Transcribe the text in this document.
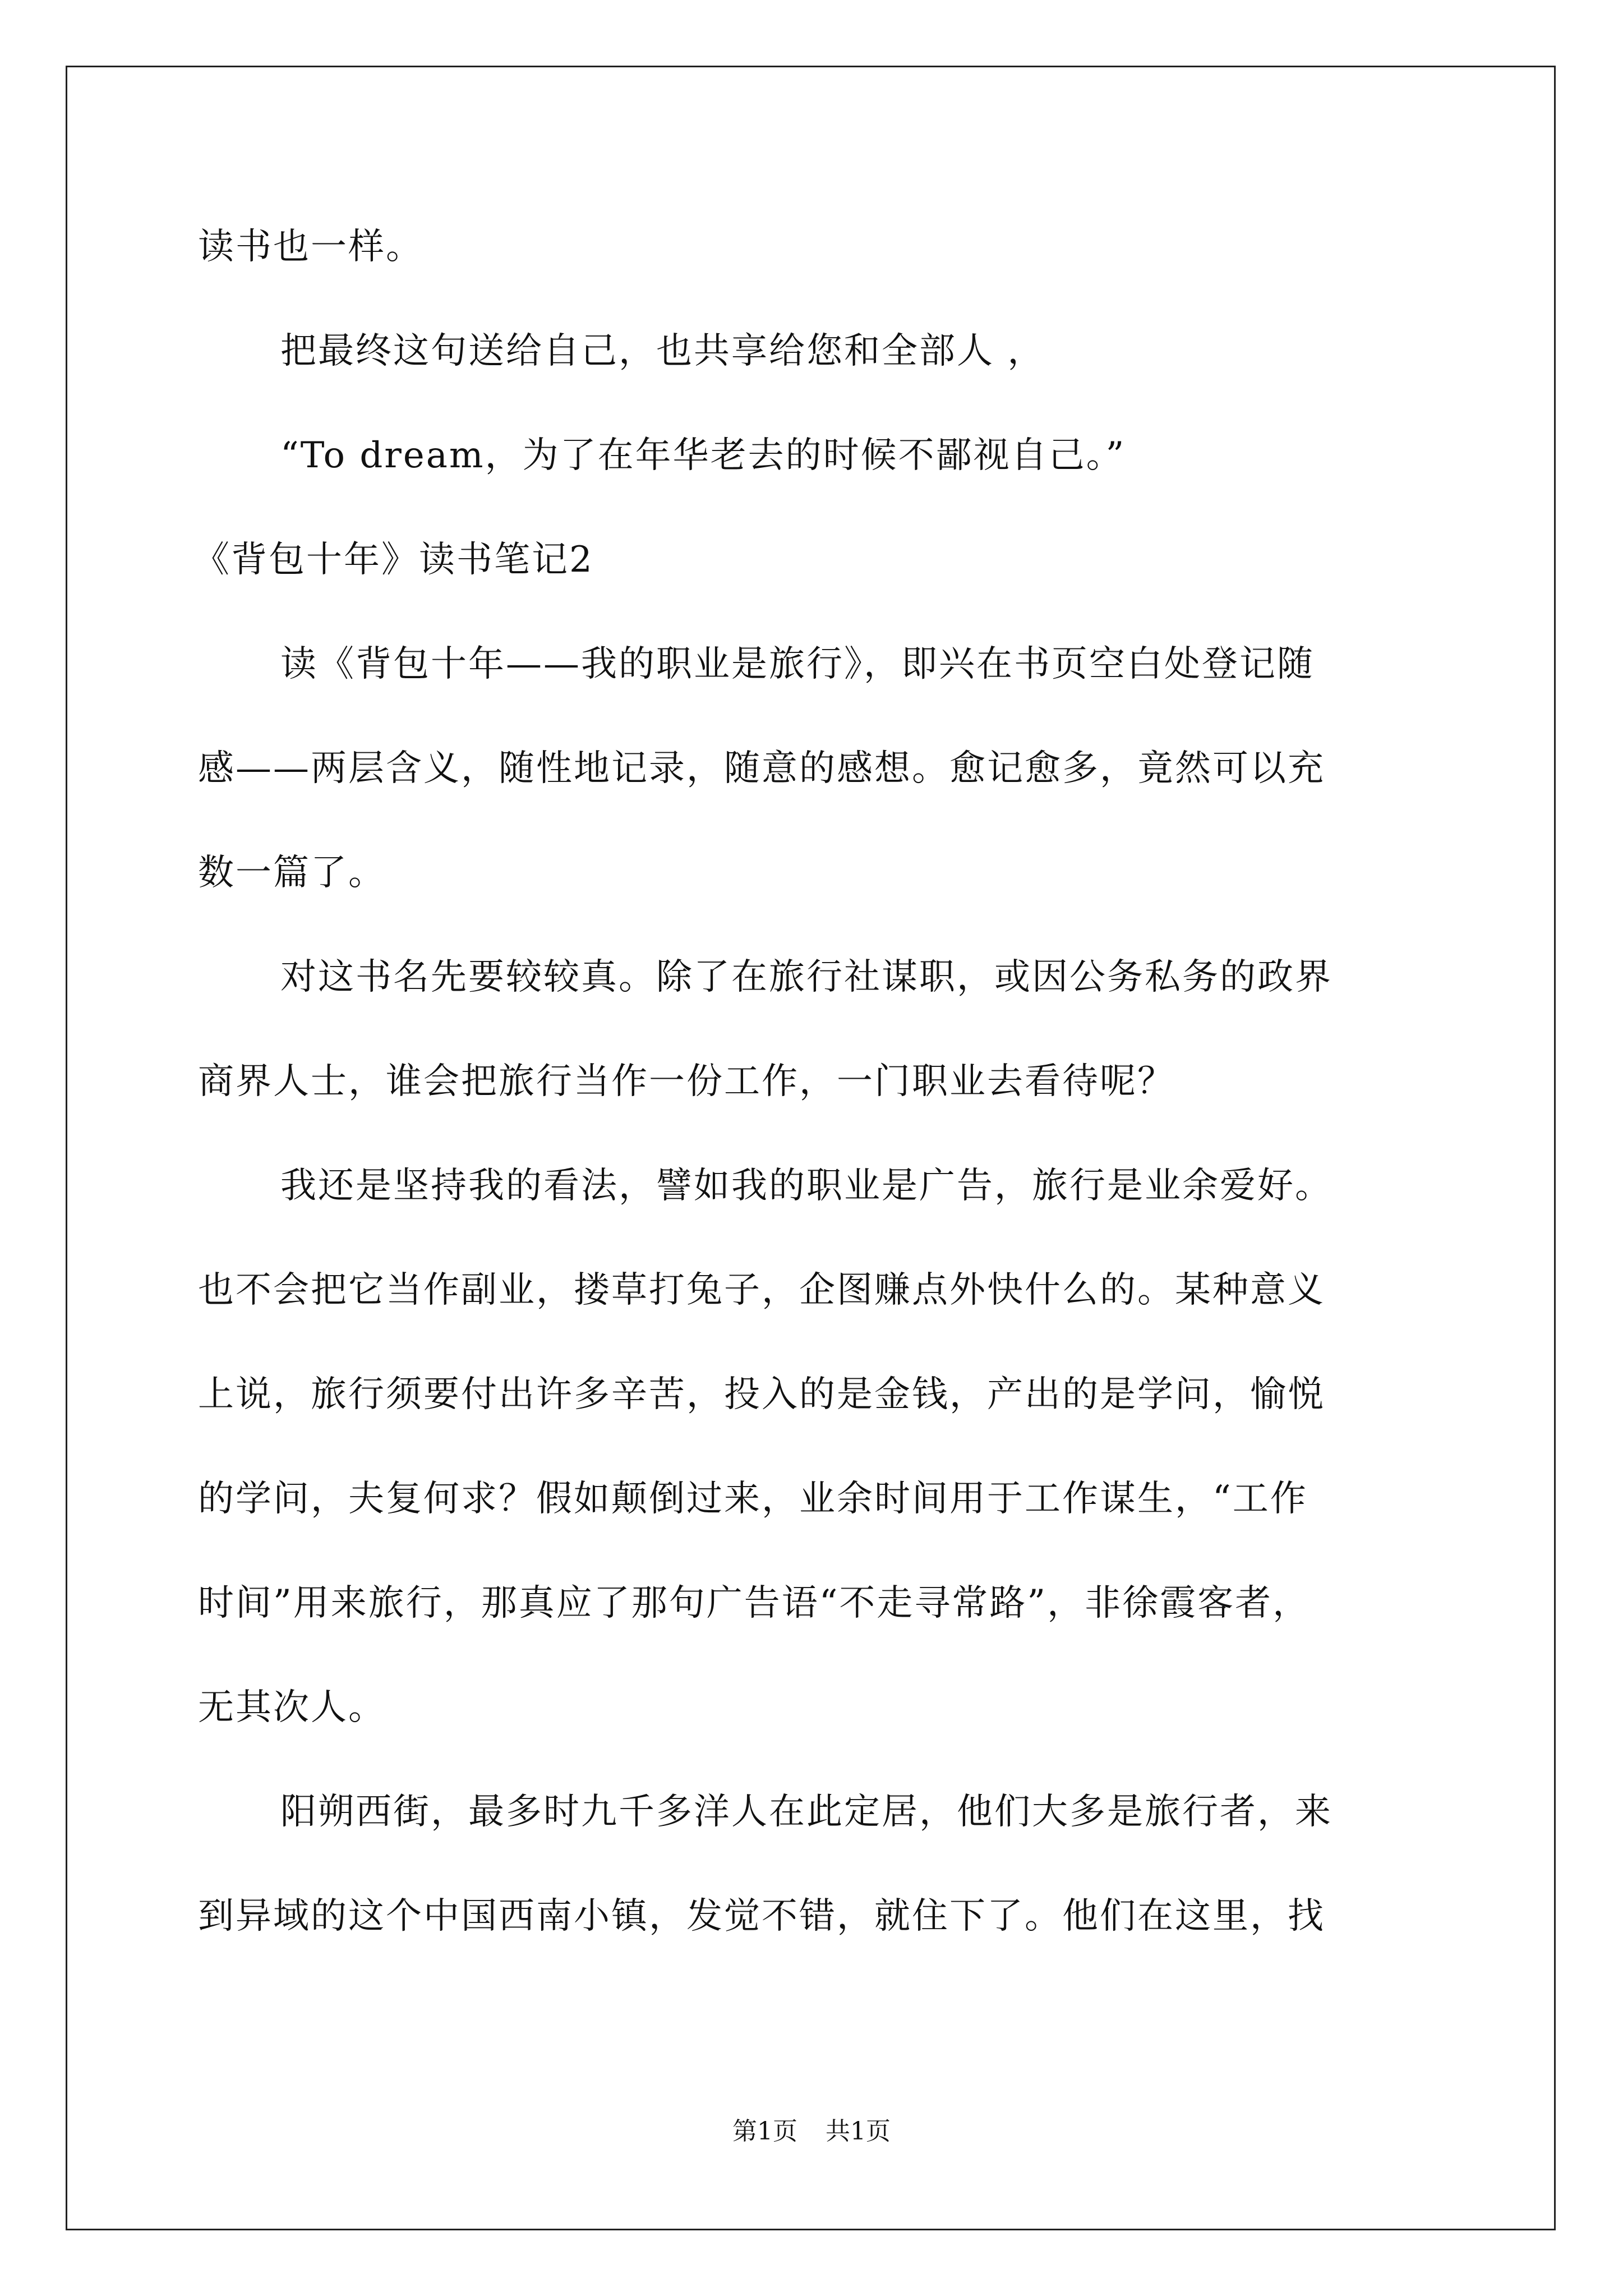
读书也一样。
把最终这句送给自己，也共享给您和全部人 ，
“To dream，为了在年华老去的时候不鄙视自己。”
《背包十年》读书笔记2
读《背包十年——我的职业是旅行》，即兴在书页空白处登记随
感——两层含义，随性地记录，随意的感想。愈记愈多，竟然可以充
数一篇了。
对这书名先要较较真。除了在旅行社谋职，或因公务私务的政界
商界人士，谁会把旅行当作一份工作，一门职业去看待呢？
我还是坚持我的看法，譬如我的职业是广告，旅行是业余爱好。
也不会把它当作副业，搂草打兔子，企图赚点外快什么的。某种意义
上说，旅行须要付出许多辛苦，投入的是金钱，产出的是学问，愉悦
的学问，夫复何求？假如颠倒过来，业余时间用于工作谋生，“工作
时间”用来旅行，那真应了那句广告语“不走寻常路”，非徐霞客者，
无其次人。
阳朔西街，最多时九千多洋人在此定居，他们大多是旅行者，来
到异域的这个中国西南小镇，发觉不错，就住下了。他们在这里，找
第1页 共1页
